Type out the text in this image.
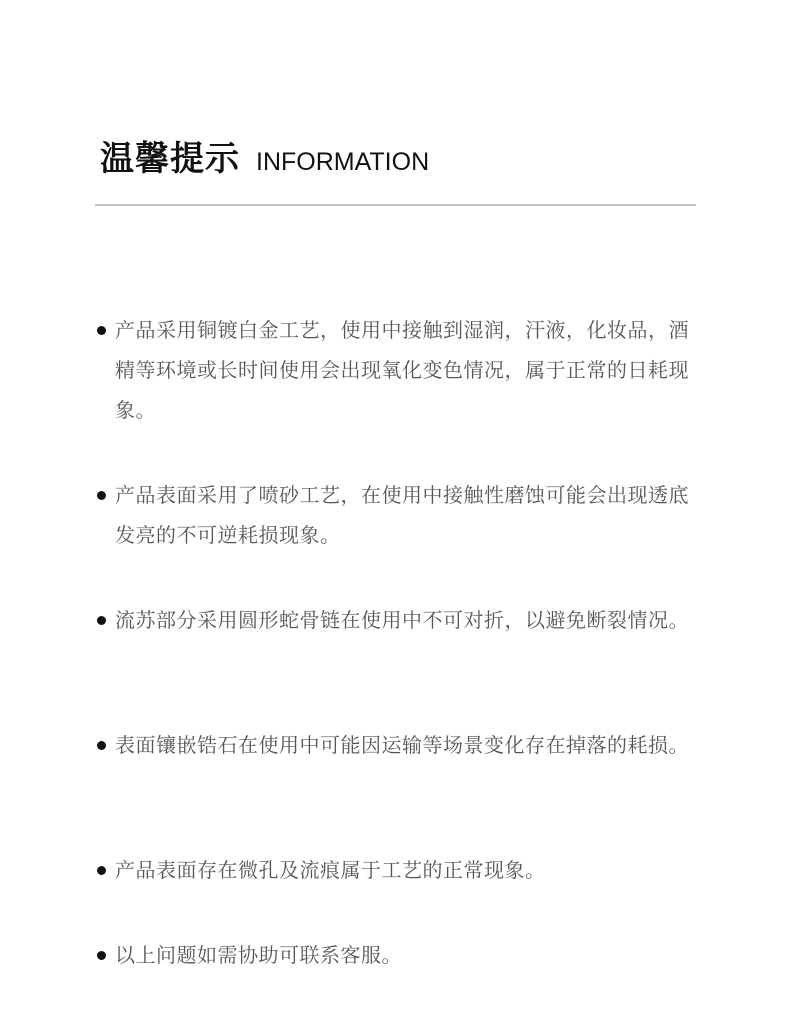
温馨提示 INFORMATION
产品采用铜镀白金工艺，使用中接触到湿润，汗液，化妆品，酒精等环境或长时间使用会出现氧化变色情况，属于正常的日耗现象。
产品表面采用了喷砂工艺，在使用中接触性磨蚀可能会出现透底发亮的不可逆耗损现象。
流苏部分采用圆形蛇骨链在使用中不可对折，以避免断裂情况。
表面镶嵌锆石在使用中可能因运输等场景变化存在掉落的耗损。
产品表面存在微孔及流痕属于工艺的正常现象。
以上问题如需协助可联系客服。
